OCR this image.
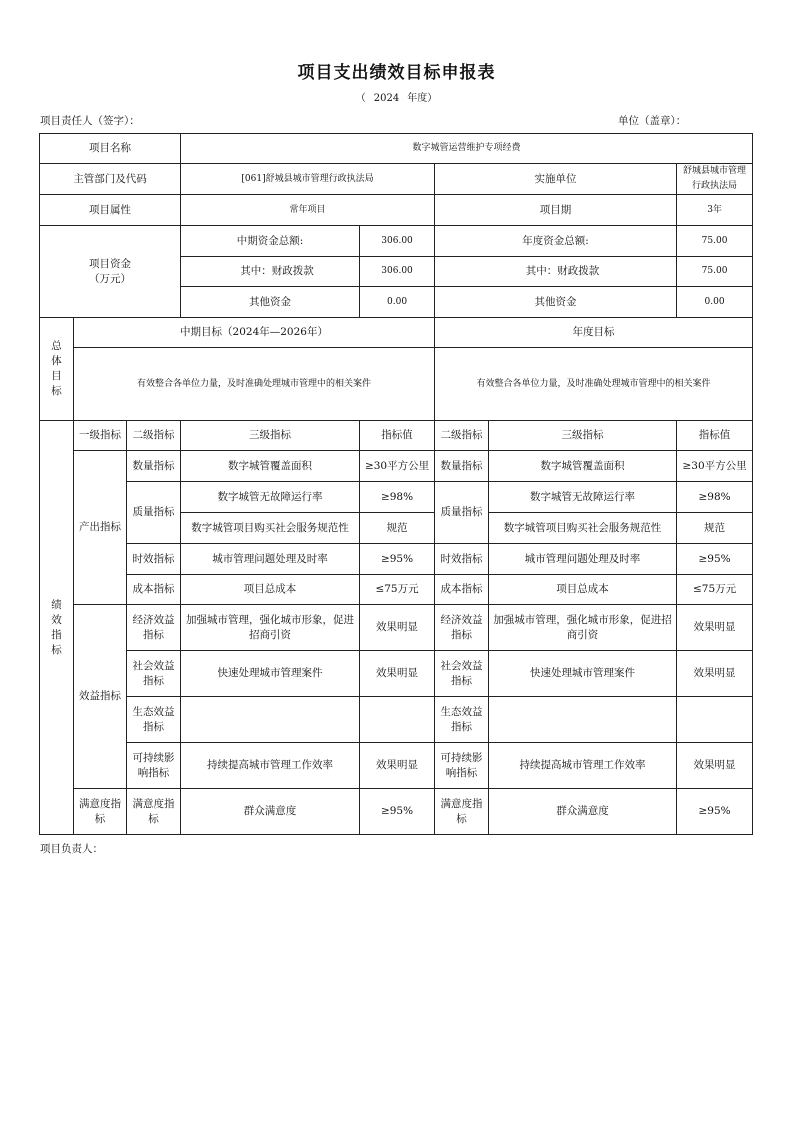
项目支出绩效目标申报表
（ 2024 年度）
项目责任人（签字）：	单位（盖章）：
项目名称			数字城管运营维护专项经费				
主管部门及代码			[061]舒城县城市管理行政执法局		实施单位		舒城县城市管理行政执法局
项目属性			常年项目		项目期		3年

项目资金
（万元）			中期资金总额:	306.00	年度资金总额:		75.00
			其中：财政拨款	306.00	其中：财政拨款		75.00
			其他资金	0.00	其他资金		0.00

总
体
目
标	中期目标（2024年—2026年）				年度目标		
	有效整合各单位力量，及时准确处理城市管理中的相关案件				有效整合各单位力量，及时准确处理城市管理中的相关案件		

绩
效
指
标	一级指标	二级指标	三级指标	指标值	二级指标	三级指标	指标值
	产出指标	数量指标	数字城管覆盖面积	≥30平方公里	数量指标	数字城管覆盖面积	≥30平方公里
		质量指标	数字城管无故障运行率	≥98%	质量指标	数字城管无故障运行率	≥98%
			数字城管项目购买社会服务规范性	规范		数字城管项目购买社会服务规范性	规范
		时效指标	城市管理问题处理及时率	≥95%	时效指标	城市管理问题处理及时率	≥95%
		成本指标	项目总成本	≤75万元	成本指标	项目总成本	≤75万元
	效益指标	经济效益指标	加强城市管理，强化城市形象，促进招商引资	效果明显	经济效益指标	加强城市管理，强化城市形象，促进招商引资	效果明显
		社会效益指标	快速处理城市管理案件	效果明显	社会效益指标	快速处理城市管理案件	效果明显
		生态效益指标			生态效益指标		
		可持续影响指标	持续提高城市管理工作效率	效果明显	可持续影响指标	持续提高城市管理工作效率	效果明显
	满意度指标	满意度指标	群众满意度	≥95%	满意度指标	群众满意度	≥95%
项目负责人：
